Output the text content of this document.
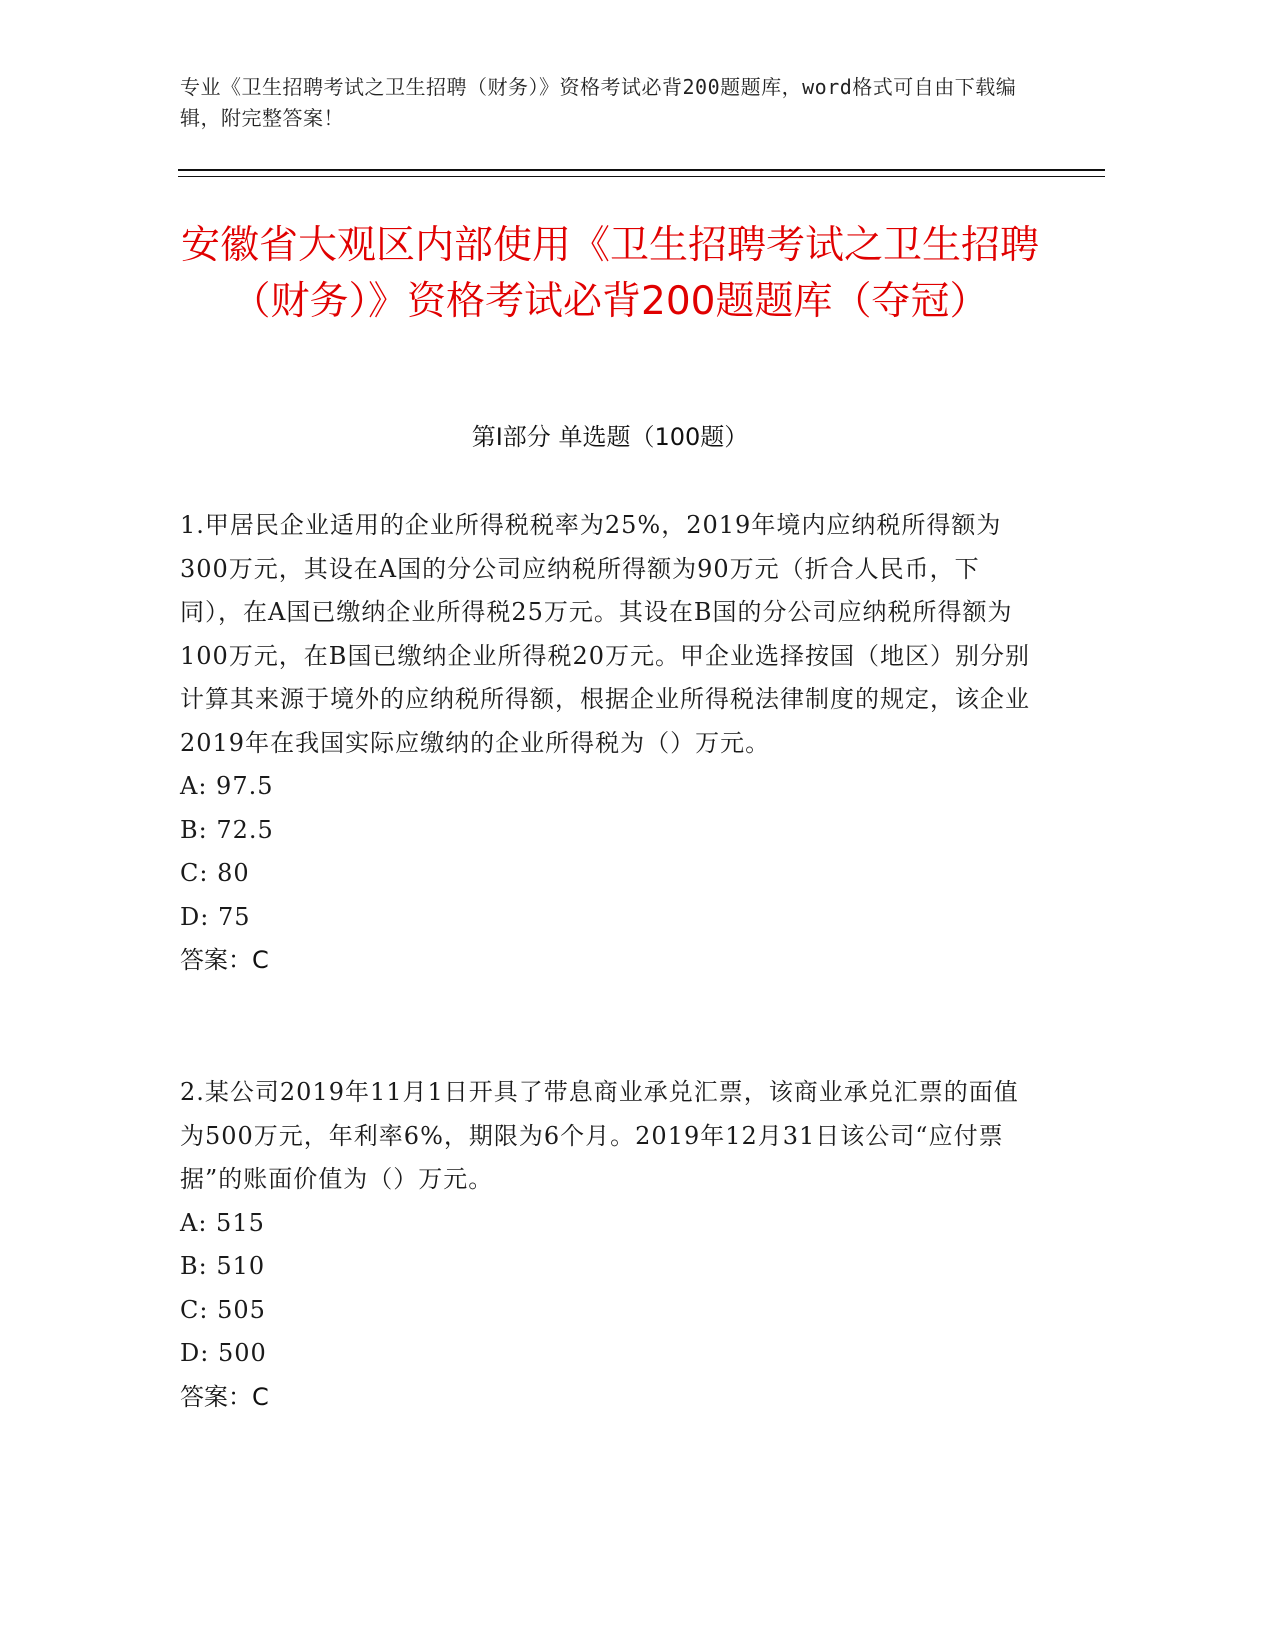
专业《卫生招聘考试之卫生招聘（财务）》资格考试必背200题题库，word格式可自由下载编辑，附完整答案！
安徽省大观区内部使用《卫生招聘考试之卫生招聘（财务）》资格考试必背200题题库（夺冠）
第Ⅰ部分 单选题（100题）
1.甲居民企业适用的企业所得税税率为25%，2019年境内应纳税所得额为300万元，其设在A国的分公司应纳税所得额为90万元（折合人民币，下同），在A国已缴纳企业所得税25万元。其设在B国的分公司应纳税所得额为100万元，在B国已缴纳企业所得税20万元。甲企业选择按国（地区）别分别计算其来源于境外的应纳税所得额，根据企业所得税法律制度的规定，该企业2019年在我国实际应缴纳的企业所得税为（）万元。
A: 97.5
B: 72.5
C: 80
D: 75
答案：C
2.某公司2019年11月1日开具了带息商业承兑汇票，该商业承兑汇票的面值为500万元，年利率6%，期限为6个月。2019年12月31日该公司“应付票据”的账面价值为（）万元。
A: 515
B: 510
C: 505
D: 500
答案：C
